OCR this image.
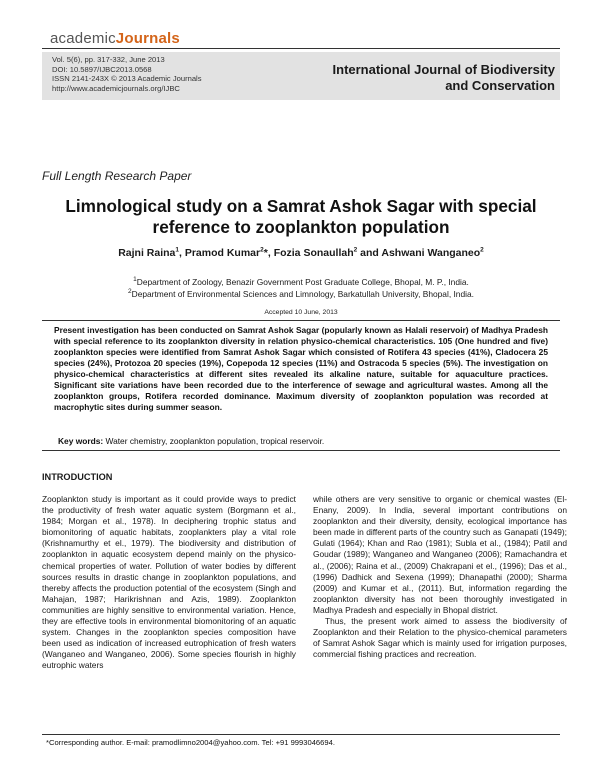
academicJournals
Vol. 5(6), pp. 317-332, June 2013
DOI: 10.5897/IJBC2013.0568
ISSN 2141-243X © 2013 Academic Journals
http://www.academicjournals.org/IJBC
International Journal of Biodiversity and Conservation
Full Length Research Paper
Limnological study on a Samrat Ashok Sagar with special reference to zooplankton population
Rajni Raina$^1$, Pramod Kumar$^2$*, Fozia Sonaullah$^2$ and Ashwani Wanganeo$^2$
$^1$Department of Zoology, Benazir Government Post Graduate College, Bhopal, M. P., India.
$^2$Department of Environmental Sciences and Limnology, Barkatullah University, Bhopal, India.
Accepted 10 June, 2013
Present investigation has been conducted on Samrat Ashok Sagar (popularly known as Halali reservoir) of Madhya Pradesh with special reference to its zooplankton diversity in relation physico-chemical characteristics. 105 (One hundred and five) zooplankton species were identified from Samrat Ashok Sagar which consisted of Rotifera 43 species (41%), Cladocera 25 species (24%), Protozoa 20 species (19%), Copepoda 12 species (11%) and Ostracoda 5 species (5%). The investigation on physico-chemical characteristics at different sites revealed its alkaline nature, suitable for aquaculture practices. Significant site variations have been recorded due to the interference of sewage and agricultural wastes. Among all the zooplankton groups, Rotifera recorded dominance. Maximum diversity of zooplankton population was recorded at macrophytic sites during summer season.
Key words: Water chemistry, zooplankton population, tropical reservoir.
INTRODUCTION

Zooplankton study is important as it could provide ways to predict the productivity of fresh water aquatic system (Borgmann et al., 1984; Morgan et al., 1978). In deciphering trophic status and biomonitoring of aquatic habitats, zooplankters play a vital role (Krishnamurthy et el., 1979). The biodiversity and distribution of zooplankton in aquatic ecosystem depend mainly on the physico-chemical properties of water. Pollution of water bodies by different sources results in drastic change in zooplankton populations, and thereby affects the production potential of the ecosystem (Singh and Mahajan, 1987; Harikrishnan and Azis, 1989). Zooplankton communities are highly sensitive to environmental variation. Hence, they are effective tools in environmental biomonitoring of an aquatic system. Changes in the zooplankton species composition have been used as indication of increased eutrophication of fresh waters (Wanganeo and Wanganeo, 2006). Some species flourish in highly eutrophic waters

while others are very sensitive to organic or chemical wastes (El-Enany, 2009). In India, several important contributions on zooplankton and their diversity, density, ecological importance has been made in different parts of the country such as Ganapati (1949); Gulati (1964); Khan and Rao (1981); Subla et al., (1984); Patil and Goudar (1989); Wanganeo and Wanganeo (2006); Ramachandra et al., (2006); Raina et al., (2009) Chakrapani et el., (1996); Das et al., (1996) Dadhick and Sexena (1999); Dhanapathi (2000); Sharma (2009) and Kumar et al., (2011). But, information regarding the zooplankton diversity has not been thoroughly investigated in Madhya Pradesh and especially in Bhopal district.

Thus, the present work aimed to assess the biodiversity of Zooplankton and their Relation to the physico-chemical parameters of Samrat Ashok Sagar which is mainly used for irrigation purposes, commercial fishing practices and recreation.

*Corresponding author. E-mail: pramodlimno2004@yahoo.com. Tel: +91 9993046694.
